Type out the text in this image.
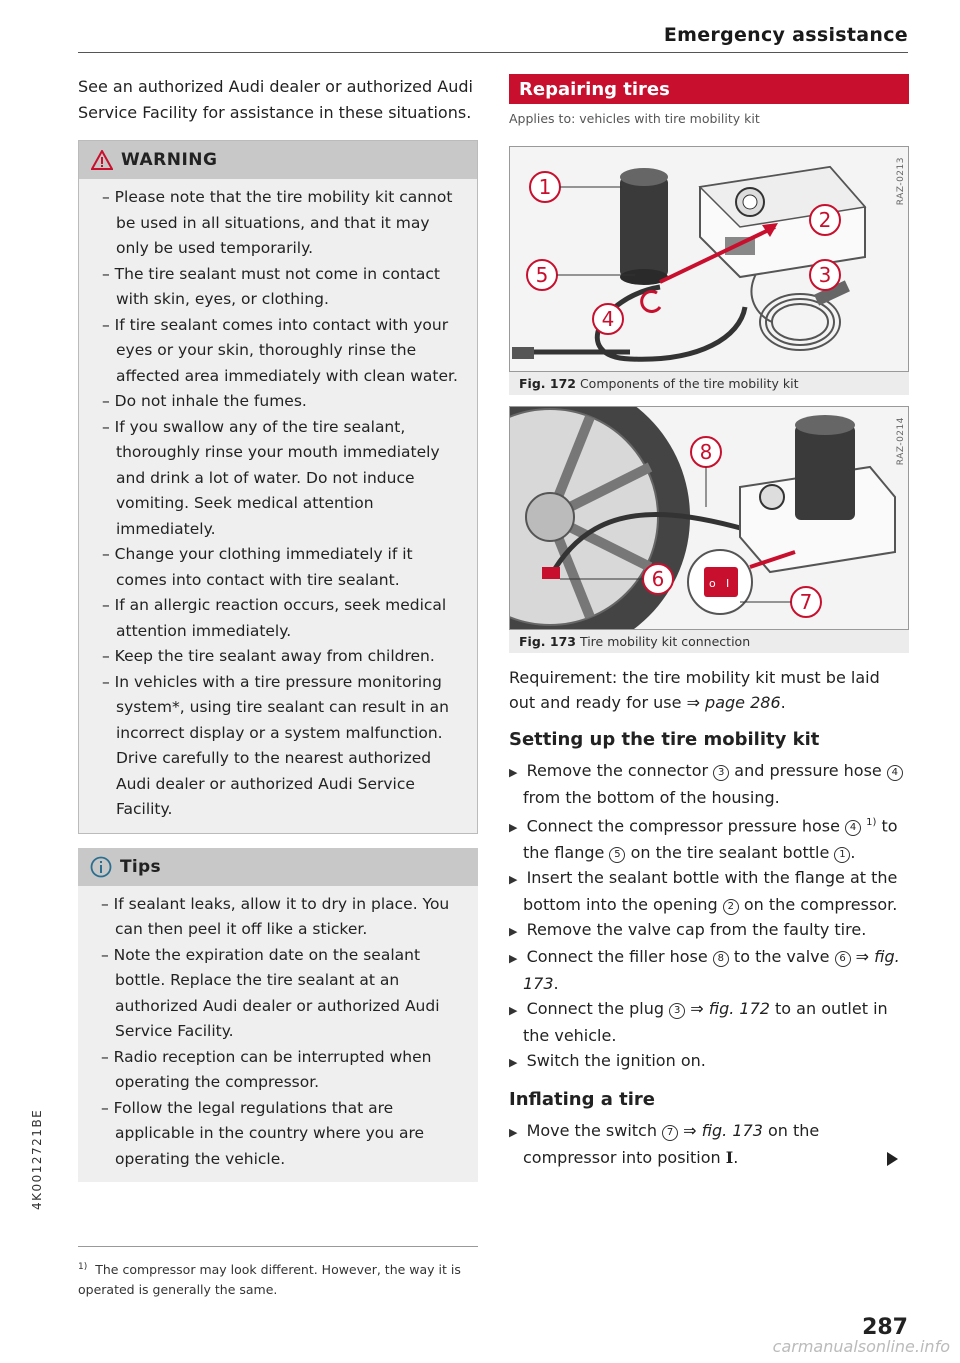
Emergency assistance
4K0012721BE

See an authorized Audi dealer or authorized Audi Service Facility for assistance in these situations.

WARNING

– Please note that the tire mobility kit cannot be used in all situations, and that it may only be used temporarily.

– The tire sealant must not come in contact with skin, eyes, or clothing.

– If tire sealant comes into contact with your eyes or your skin, thoroughly rinse the affected area immediately with clean water.

– Do not inhale the fumes.

– If you swallow any of the tire sealant, thoroughly rinse your mouth immediately and drink a lot of water. Do not induce vomiting. Seek medical attention immediately.

– Change your clothing immediately if it comes into contact with tire sealant.

– If an allergic reaction occurs, seek medical attention immediately.

– Keep the tire sealant away from children.

– In vehicles with a tire pressure monitoring system*, using tire sealant can result in an incorrect display or a system malfunction. Drive carefully to the nearest authorized Audi dealer or authorized Audi Service Facility.

Tips

– If sealant leaks, allow it to dry in place. You can then peel it off like a sticker.

– Note the expiration date on the sealant bottle. Replace the tire sealant at an authorized Audi dealer or authorized Audi Service Facility.

– Radio reception can be interrupted when operating the compressor.

– Follow the legal regulations that are applicable in the country where you are operating the vehicle.

$^{1)}$ The compressor may look different. However, the way it is operated is generally the same.
Repairing tires
Applies to: vehicles with tire mobility kit
1
2
3
4
5
RAZ-0213
Fig. 172 Components of the tire mobility kit
o I
8
6
7
RAZ-0214
Fig. 173 Tire mobility kit connection

Requirement: the tire mobility kit must be laid out and ready for use ⇒ page 286.

Setting up the tire mobility kit

▶ Remove the connector 3 and pressure hose 4 from the bottom of the housing.

▶ Connect the compressor pressure hose 4 $^{1)}$ to the flange 5 on the tire sealant bottle 1 .

▶ Insert the sealant bottle with the flange at the bottom into the opening 2 on the compressor.

▶ Remove the valve cap from the faulty tire.

▶ Connect the filler hose 8 to the valve 6 ⇒ fig. 173.

▶ Connect the plug 3 ⇒ fig. 172 to an outlet in the vehicle.

▶ Switch the ignition on.

Inflating a tire

▶ Move the switch 7 ⇒ fig. 173 on the compressor into position I.

287
carmanualsonline.info
